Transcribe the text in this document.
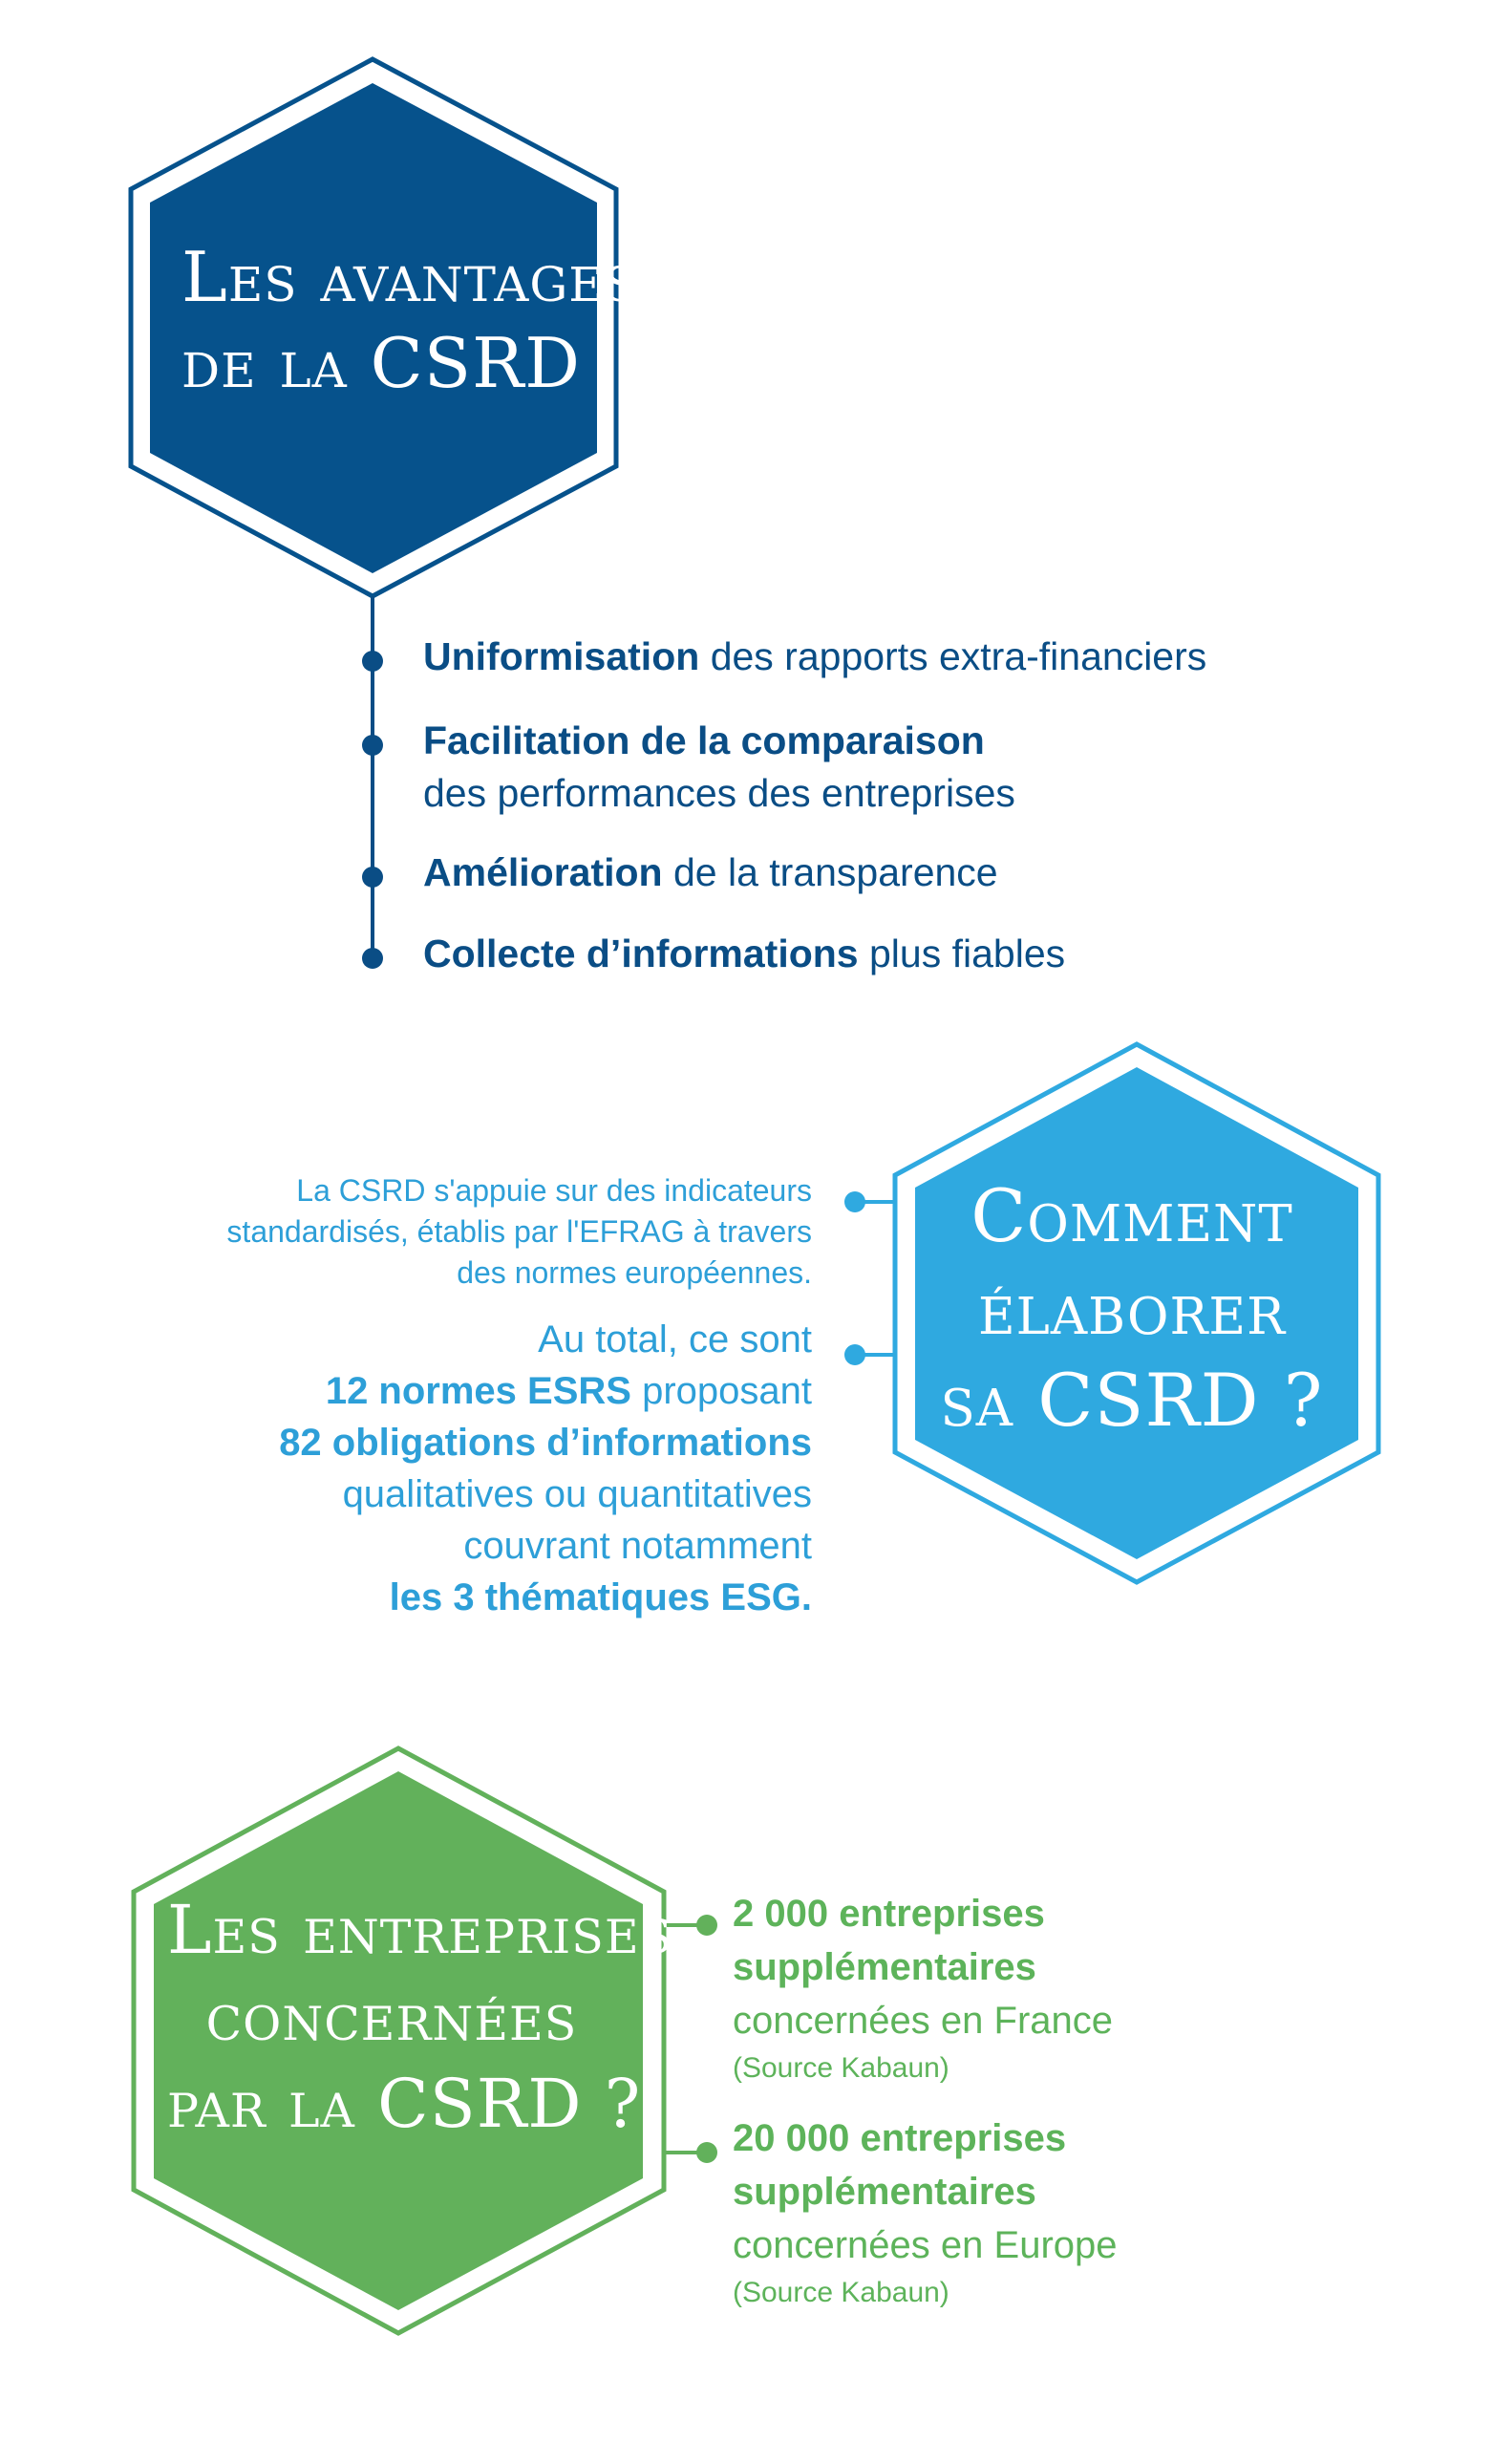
Les avantages
de la CSRD
Uniformisation des rapports extra-financiers
Facilitation de la comparaison
des performances des entreprises
Amélioration de la transparence
Collecte d’informations plus fiables
Comment
élaborer
sa CSRD ?
La CSRD s'appuie sur des indicateurs
standardisés, établis par l'EFRAG à travers
des normes européennes.
Au total, ce sont
12 normes ESRS proposant
82 obligations d’informations
qualitatives ou quantitatives
couvrant notamment
les 3 thématiques ESG.
Les entreprises
concernées
par la CSRD ?
2 000 entreprises
supplémentaires
concernées en France
(Source Kabaun)
20 000 entreprises
supplémentaires
concernées en Europe
(Source Kabaun)
